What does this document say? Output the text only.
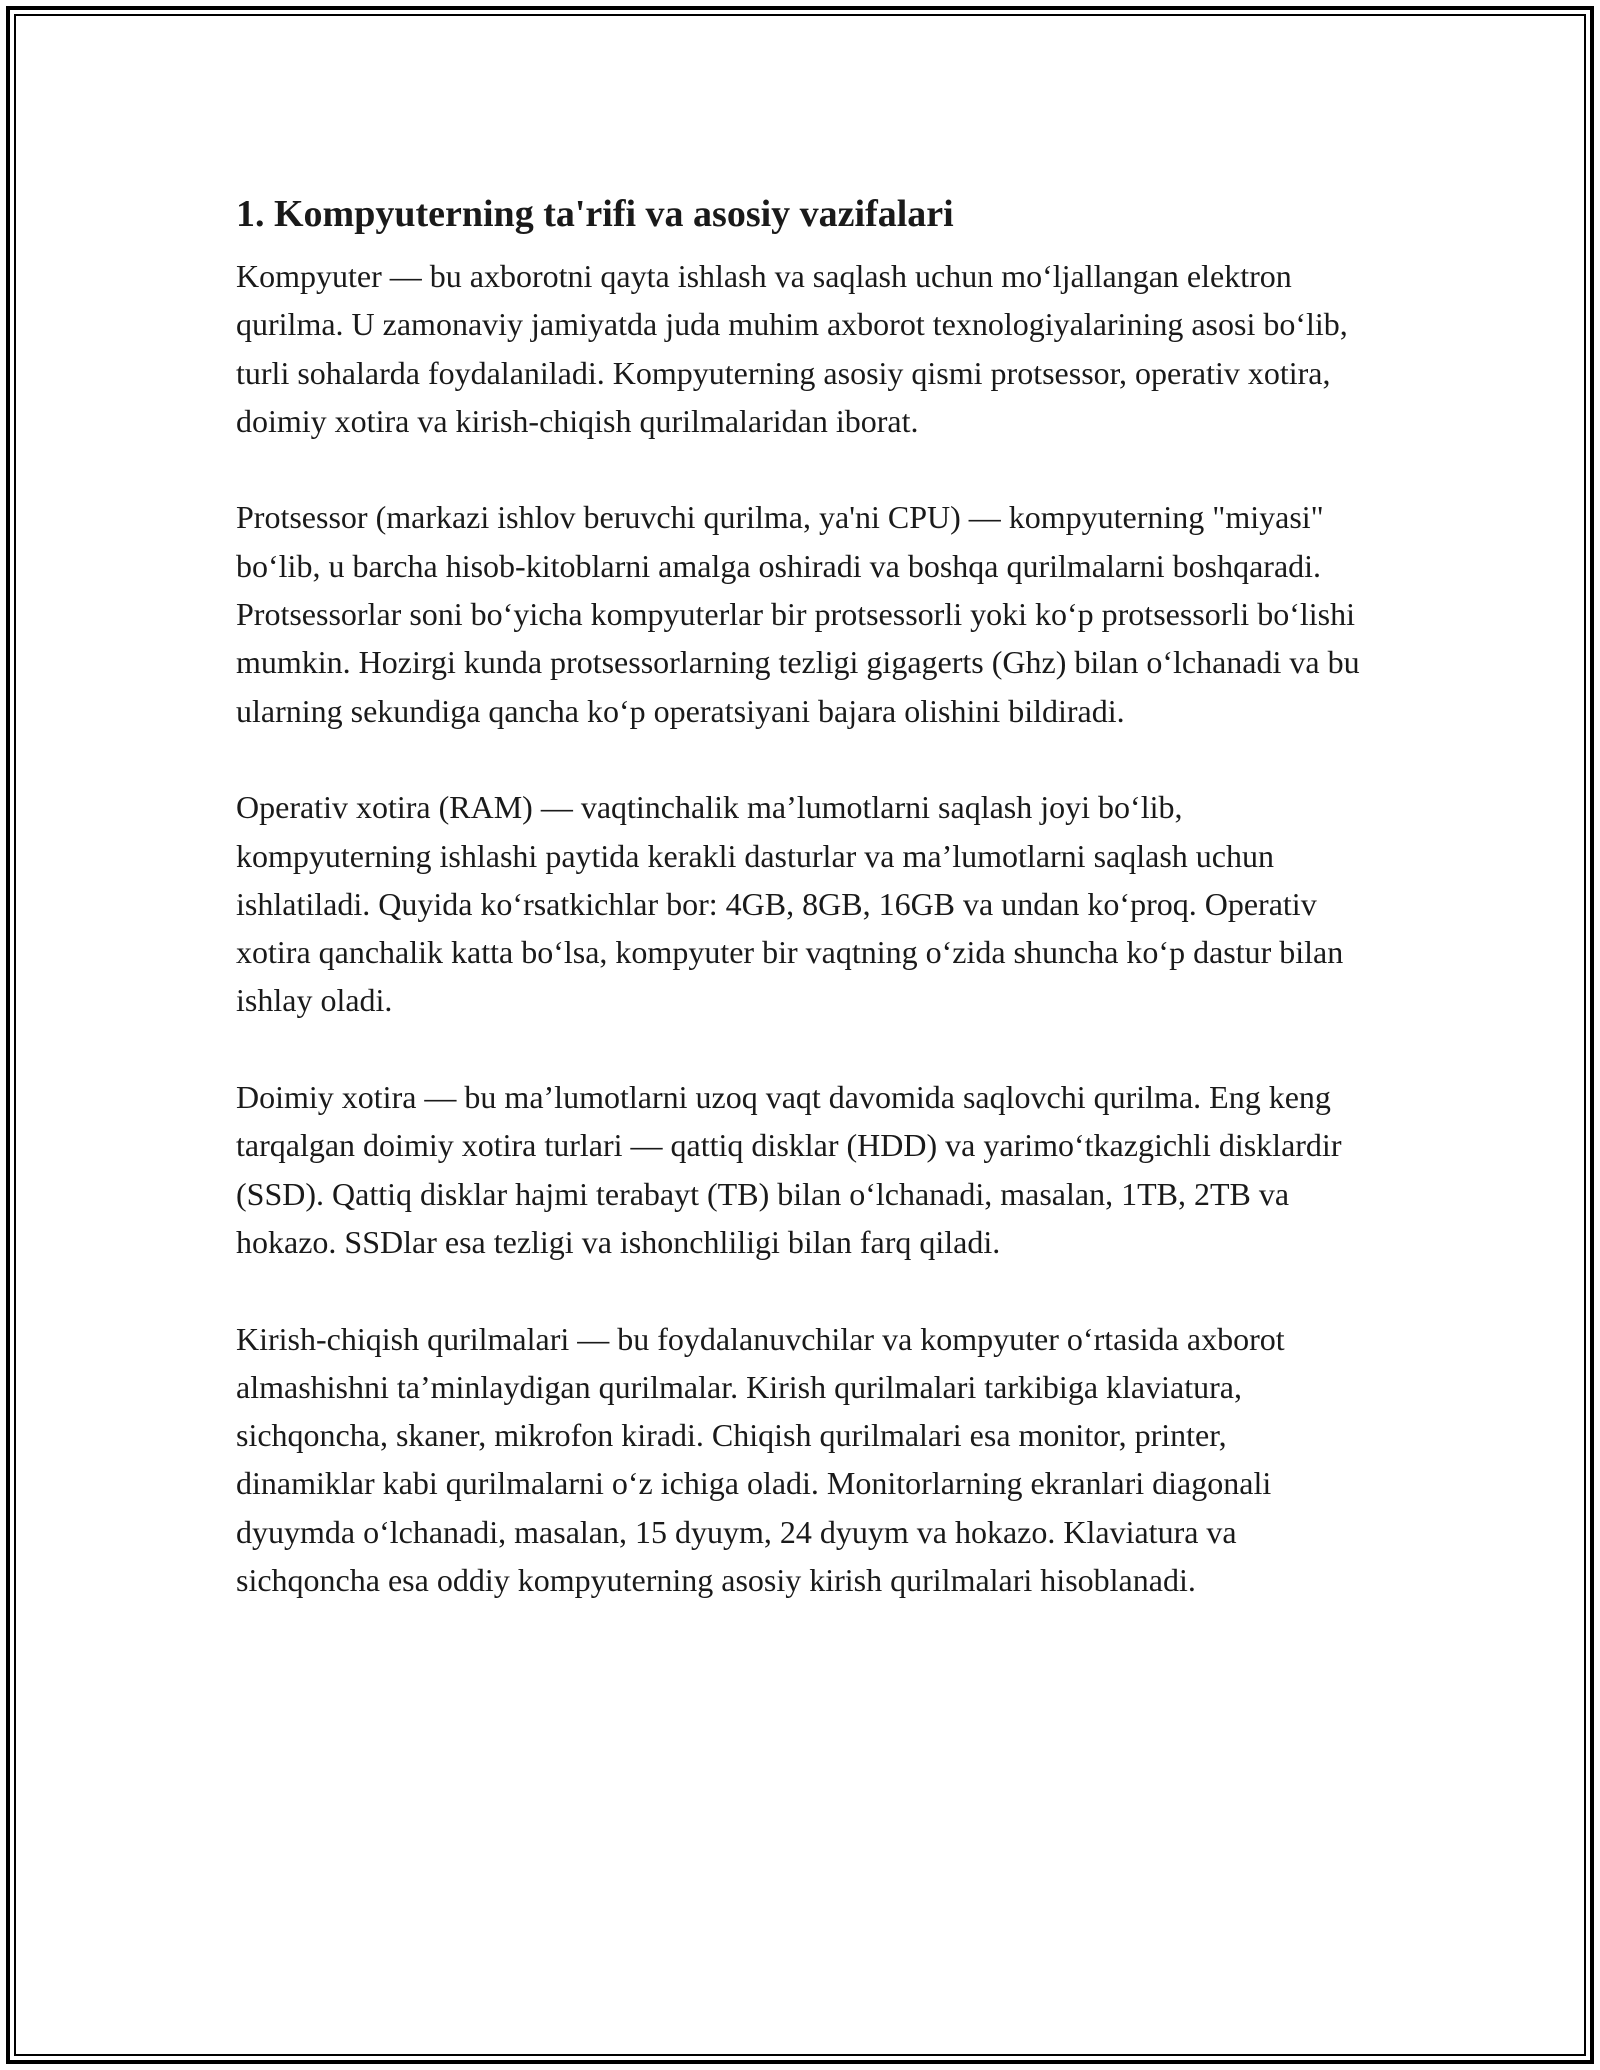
1. Kompyuterning ta'rifi va asosiy vazifalari

Kompyuter — bu axborotni qayta ishlash va saqlash uchun mo‘ljallangan elektron qurilma. U zamonaviy jamiyatda juda muhim axborot texnologiyalarining asosi bo‘lib, turli sohalarda foydalaniladi. Kompyuterning asosiy qismi protsessor, operativ xotira, doimiy xotira va kirish-chiqish qurilmalaridan iborat.

Protsessor (markazi ishlov beruvchi qurilma, ya'ni CPU) — kompyuterning "miyasi" bo‘lib, u barcha hisob-kitoblarni amalga oshiradi va boshqa qurilmalarni boshqaradi. Protsessorlar soni bo‘yicha kompyuterlar bir protsessorli yoki ko‘p protsessorli bo‘lishi mumkin. Hozirgi kunda protsessorlarning tezligi gigagerts (Ghz) bilan o‘lchanadi va bu ularning sekundiga qancha ko‘p operatsiyani bajara olishini bildiradi.

Operativ xotira (RAM) — vaqtinchalik ma’lumotlarni saqlash joyi bo‘lib, kompyuterning ishlashi paytida kerakli dasturlar va ma’lumotlarni saqlash uchun ishlatiladi. Quyida ko‘rsatkichlar bor: 4GB, 8GB, 16GB va undan ko‘proq. Operativ xotira qanchalik katta bo‘lsa, kompyuter bir vaqtning o‘zida shuncha ko‘p dastur bilan ishlay oladi.

Doimiy xotira — bu ma’lumotlarni uzoq vaqt davomida saqlovchi qurilma. Eng keng tarqalgan doimiy xotira turlari — qattiq disklar (HDD) va yarimo‘tkazgichli disklardir (SSD). Qattiq disklar hajmi terabayt (TB) bilan o‘lchanadi, masalan, 1TB, 2TB va hokazo. SSDlar esa tezligi va ishonchliligi bilan farq qiladi.

Kirish-chiqish qurilmalari — bu foydalanuvchilar va kompyuter o‘rtasida axborot almashishni ta’minlaydigan qurilmalar. Kirish qurilmalari tarkibiga klaviatura, sichqoncha, skaner, mikrofon kiradi. Chiqish qurilmalari esa monitor, printer, dinamiklar kabi qurilmalarni o‘z ichiga oladi. Monitorlarning ekranlari diagonali dyuymda o‘lchanadi, masalan, 15 dyuym, 24 dyuym va hokazo. Klaviatura va sichqoncha esa oddiy kompyuterning asosiy kirish qurilmalari hisoblanadi.
